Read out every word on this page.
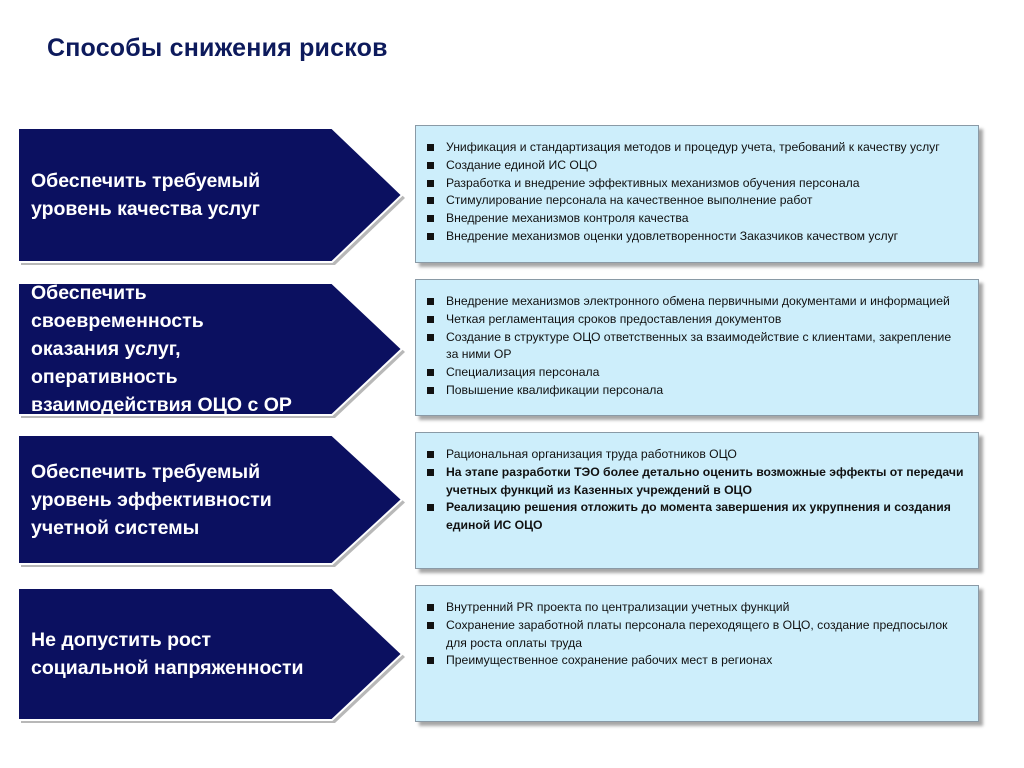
Способы снижения рисков
Обеспечить требуемый
уровень качества услуг
Унификация и стандартизация методов и процедур учета, требований к качеству услуг
Создание единой ИС ОЦО
Разработка и внедрение эффективных механизмов обучения персонала
Стимулирование персонала на качественное выполнение работ
Внедрение механизмов контроля качества
Внедрение механизмов оценки удовлетворенности Заказчиков качеством услуг
Обеспечить своевременность
оказания услуг,
оперативность
взаимодействия ОЦО с ОР
Внедрение механизмов электронного обмена первичными документами и информацией
Четкая регламентация сроков предоставления документов
Создание в структуре ОЦО ответственных за взаимодействие с клиентами, закрепление за ними ОР
Специализация персонала
Повышение квалификации персонала
Обеспечить требуемый
уровень эффективности
учетной системы
Рациональная организация труда работников ОЦО
На этапе разработки ТЭО более детально оценить возможные эффекты от передачи учетных функций из Казенных учреждений в ОЦО
Реализацию решения отложить до момента завершения их укрупнения и создания единой ИС ОЦО
Не допустить рост
социальной напряженности
Внутренний PR проекта по централизации учетных функций
Сохранение заработной платы персонала переходящего в ОЦО, создание предпосылок для роста оплаты труда
Преимущественное сохранение рабочих мест в регионах
